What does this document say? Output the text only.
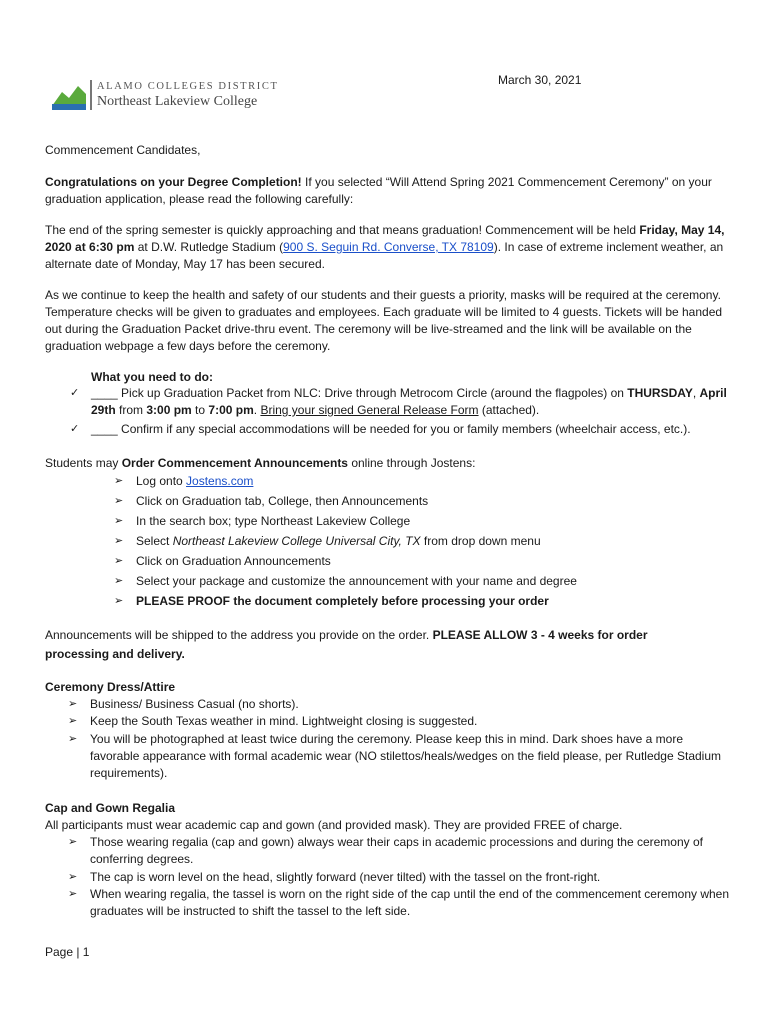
ALAMO COLLEGES DISTRICT
Northeast Lakeview College
March 30, 2021
Commencement Candidates,
Congratulations on your Degree Completion! If you selected “Will Attend Spring 2021 Commencement Ceremony” on your graduation application, please read the following carefully:
The end of the spring semester is quickly approaching and that means graduation! Commencement will be held Friday, May 14, 2020 at 6:30 pm at D.W. Rutledge Stadium (900 S. Seguin Rd. Converse, TX 78109). In case of extreme inclement weather, an alternate date of Monday, May 17 has been secured.
As we continue to keep the health and safety of our students and their guests a priority, masks will be required at the ceremony. Temperature checks will be given to graduates and employees. Each graduate will be limited to 4 guests. Tickets will be handed out during the Graduation Packet drive-thru event. The ceremony will be live-streamed and the link will be available on the graduation webpage a few days before the ceremony.
What you need to do:
✓ ____ Pick up Graduation Packet from NLC: Drive through Metrocom Circle (around the flagpoles) on THURSDAY, April 29th from 3:00 pm to 7:00 pm. Bring your signed General Release Form (attached).
✓ ____ Confirm if any special accommodations will be needed for you or family members (wheelchair access, etc.).
Students may Order Commencement Announcements online through Jostens:
➢ Log onto Jostens.com
➢ Click on Graduation tab, College, then Announcements
➢ In the search box; type Northeast Lakeview College
➢ Select Northeast Lakeview College Universal City, TX from drop down menu
➢ Click on Graduation Announcements
➢ Select your package and customize the announcement with your name and degree
➢ PLEASE PROOF the document completely before processing your order
Announcements will be shipped to the address you provide on the order. PLEASE ALLOW 3 - 4 weeks for order processing and delivery.
Ceremony Dress/Attire
➢ Business/ Business Casual (no shorts).
➢ Keep the South Texas weather in mind. Lightweight closing is suggested.
➢ You will be photographed at least twice during the ceremony. Please keep this in mind. Dark shoes have a more favorable appearance with formal academic wear (NO stilettos/heals/wedges on the field please, per Rutledge Stadium requirements).
Cap and Gown Regalia
All participants must wear academic cap and gown (and provided mask). They are provided FREE of charge.
➢ Those wearing regalia (cap and gown) always wear their caps in academic processions and during the ceremony of conferring degrees.
➢ The cap is worn level on the head, slightly forward (never tilted) with the tassel on the front-right.
➢ When wearing regalia, the tassel is worn on the right side of the cap until the end of the commencement ceremony when graduates will be instructed to shift the tassel to the left side.
Page | 1
